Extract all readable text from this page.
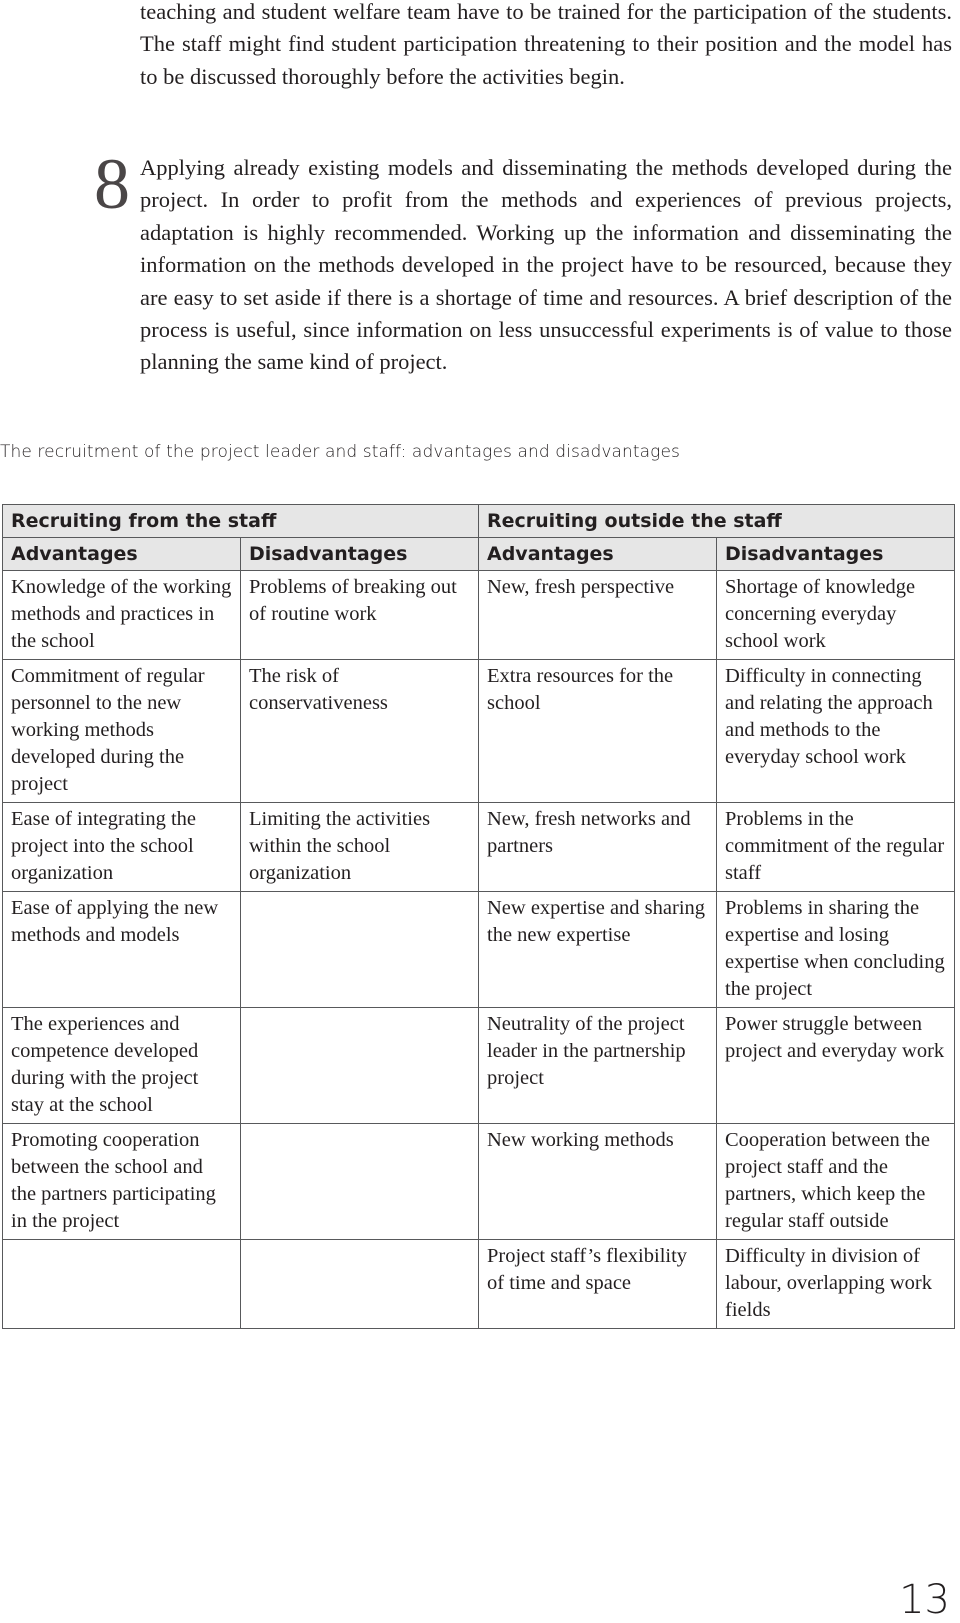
teaching and student welfare team have to be trained for the participation of the students. The staff might find student participation threatening to their position and the model has to be discussed thoroughly before the activities begin.
8 Applying already existing models and disseminating the methods developed during the project. In order to profit from the methods and experiences of previous projects, adaptation is highly recommended. Working up the information and disseminating the information on the methods developed in the project have to be resourced, because they are easy to set aside if there is a shortage of time and resources. A brief description of the process is useful, since information on less unsuccessful experiments is of value to those planning the same kind of project.
The recruitment of the project leader and staff: advantages and disadvantages
Recruiting from the staff		Recruiting outside the staff	
Advantages	Disadvantages	Advantages	Disadvantages
Knowledge of the working methods and practices in the school	Problems of breaking out of routine work	New, fresh perspective	Shortage of knowledge concerning everyday school work
Commitment of regular personnel to the new working methods developed during the project	The risk of conservativeness	Extra resources for the school	Difficulty in connecting and relating the approach and methods to the everyday school work
Ease of integrating the project into the school organization	Limiting the activities within the school organization	New, fresh networks and partners	Problems in the commitment of the regular staff
Ease of applying the new methods and models		New expertise and sharing the new expertise	Problems in sharing the expertise and losing expertise when concluding the project
The experiences and competence developed during with the project stay at the school		Neutrality of the project leader in the partnership project	Power struggle between project and everyday work
Promoting cooperation between the school and the partners participating in the project		New working methods	Cooperation between the project staff and the partners, which keep the regular staff outside
		Project staff’s flexibility of time and space	Difficulty in division of labour, overlapping work fields
13
